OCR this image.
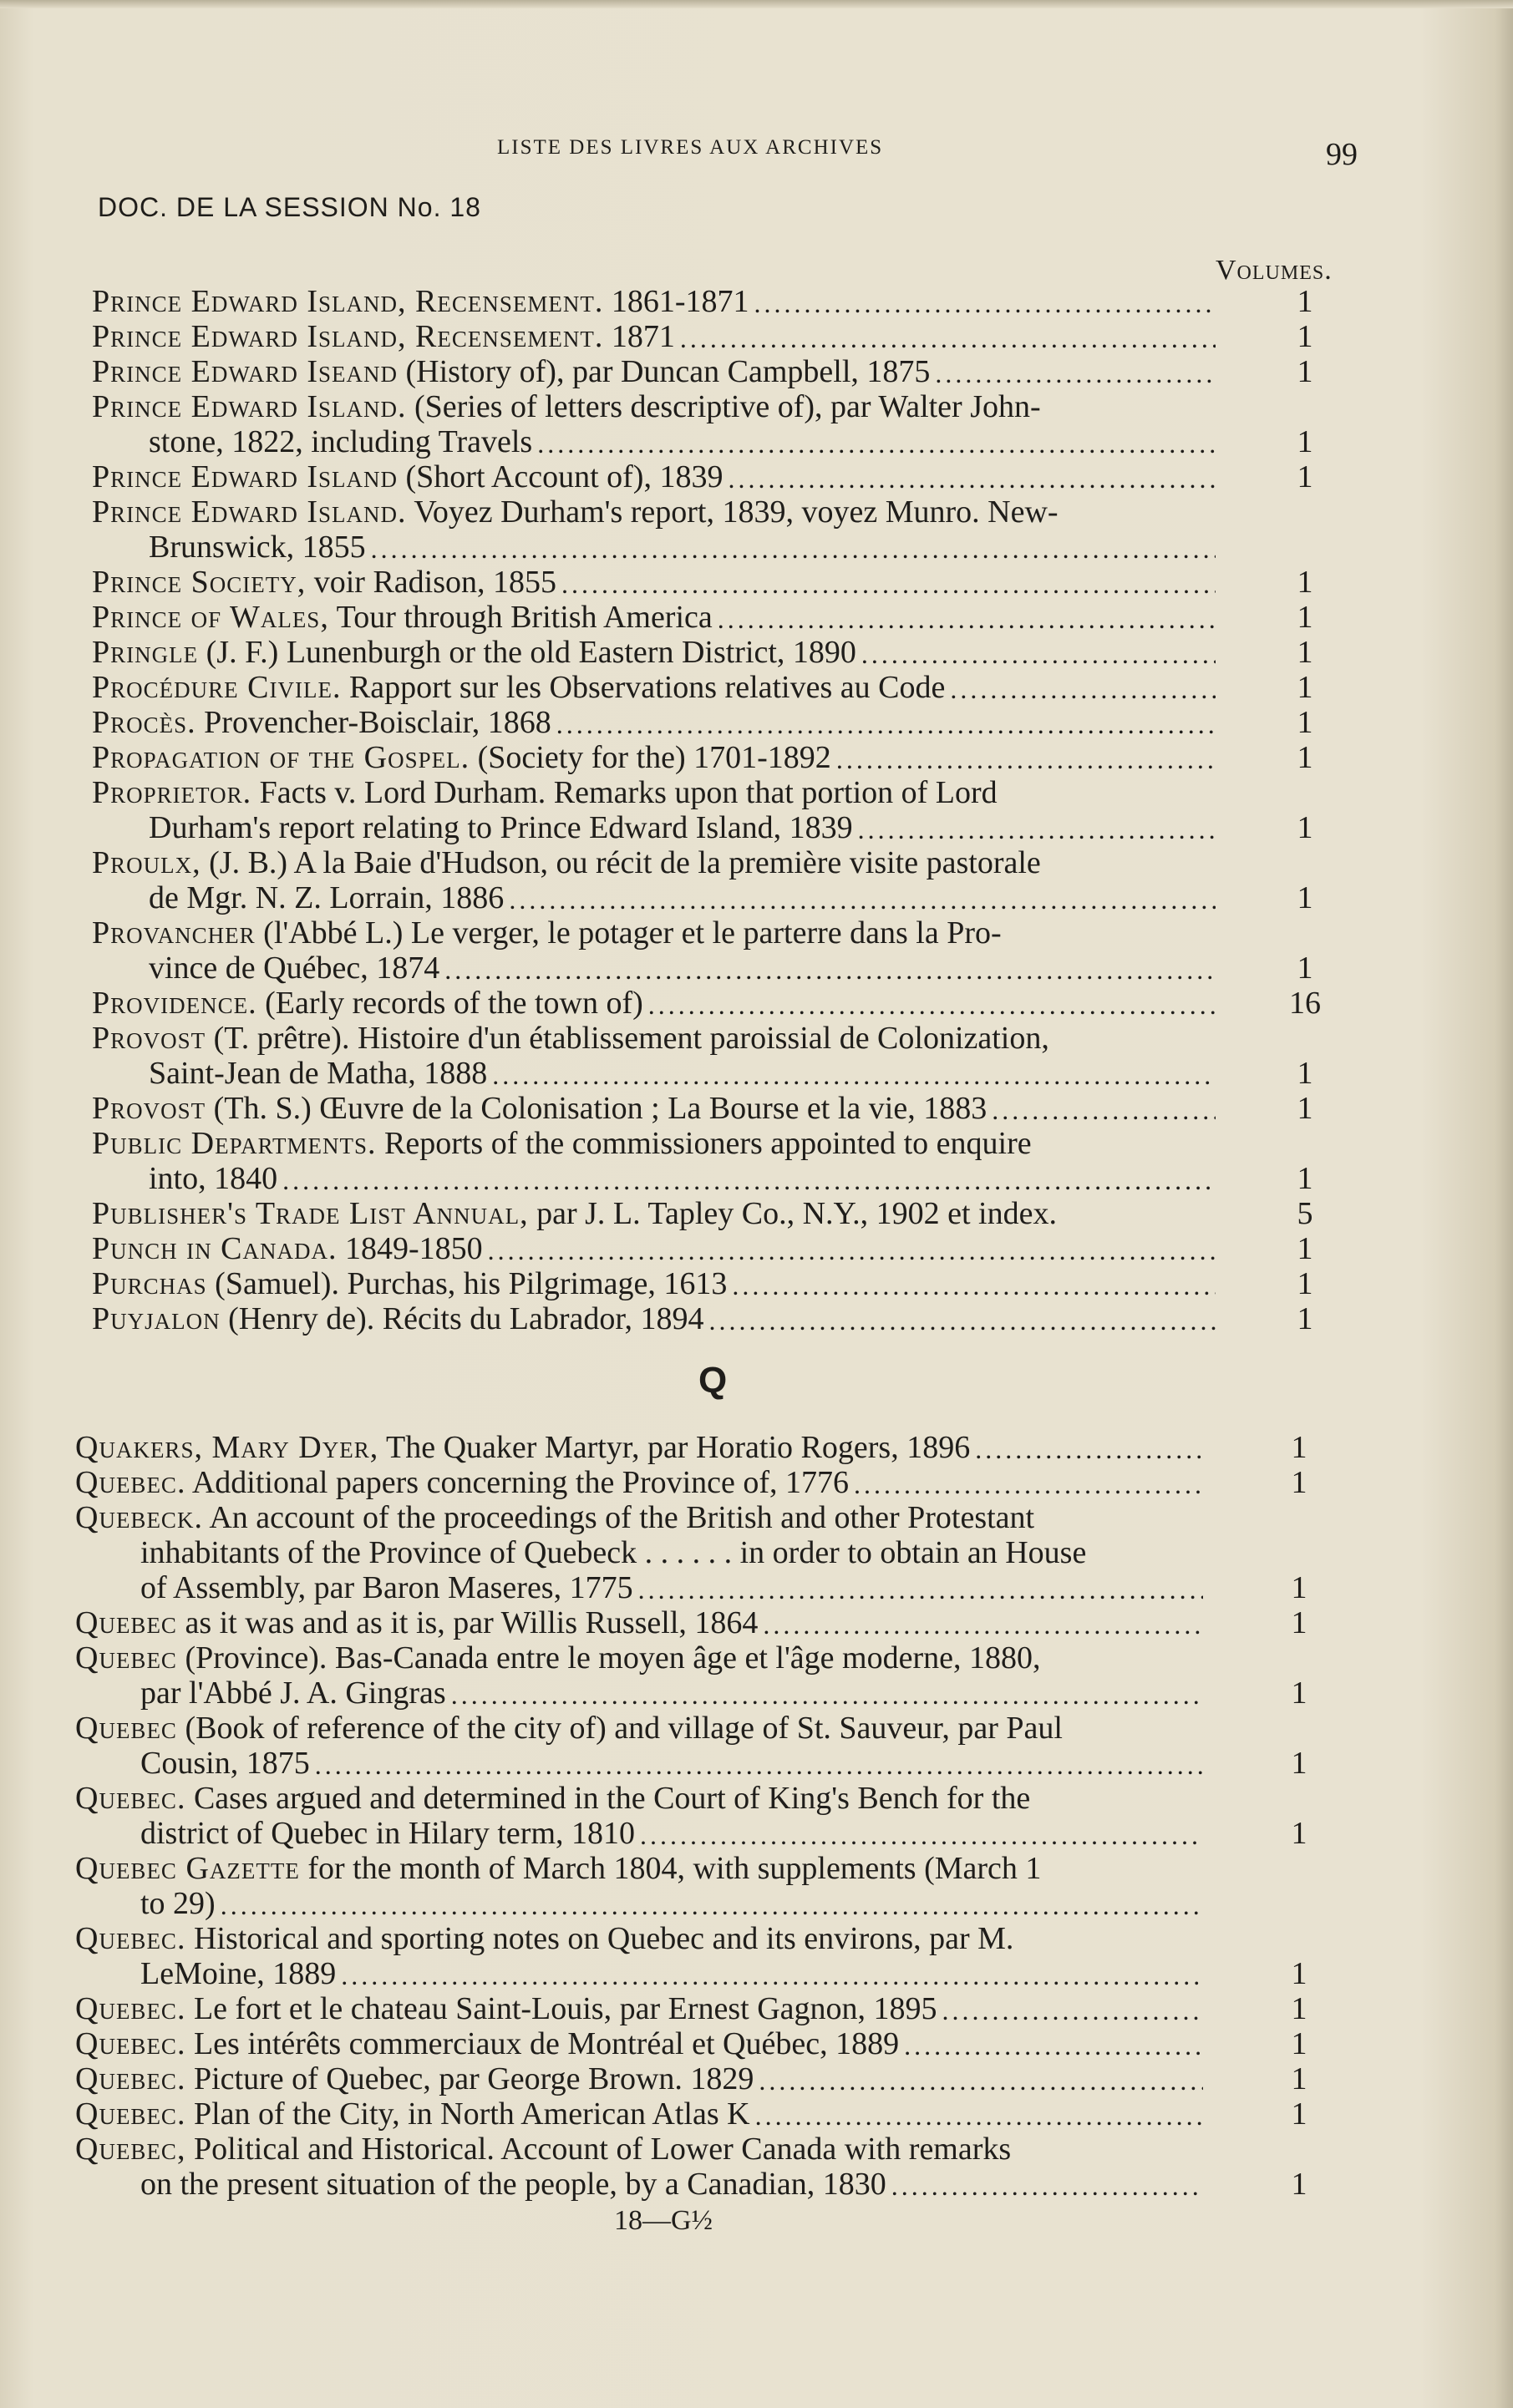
LISTE DES LIVRES AUX ARCHIVES	99
DOC. DE LA SESSION No. 18
Volumes.
Prince Edward Island, Recensement. 1861-1871 .....	1
Prince Edward Island, Recensement. 1871 .....	1
Prince Edward Iseand (History of), par Duncan Campbell, 1875 .....	1
Prince Edward Island. (Series of letters descriptive of), par Walter John-
stone, 1822, including Travels .....	1
Prince Edward Island (Short Account of), 1839 .....	1
Prince Edward Island. Voyez Durham's report, 1839, voyez Munro. New-
Brunswick, 1855
.....
Prince Society, voir Radison, 1855 .....	1
Prince of Wales, Tour through British America .....	1
Pringle (J. F.) Lunenburgh or the old Eastern District, 1890 .....	1
Procédure Civile. Rapport sur les Observations relatives au Code .....	1
Procès. Provencher-Boisclair, 1868 .....	1
Propagation of the Gospel. (Society for the) 1701-1892 .....	1
Proprietor. Facts v. Lord Durham. Remarks upon that portion of Lord
Durham's report relating to Prince Edward Island, 1839 .....	1
Proulx, (J. B.) A la Baie d'Hudson, ou récit de la première visite pastorale
de Mgr. N. Z. Lorrain, 1886 .....	1
Provancher (l'Abbé L.) Le verger, le potager et le parterre dans la Pro-
vince de Québec, 1874 .....	1
Providence. (Early records of the town of) .....	16
Provost (T. prêtre). Histoire d'un établissement paroissial de Colonization,
Saint-Jean de Matha, 1888 .....	1
Provost (Th. S.) Œuvre de la Colonisation ; La Bourse et la vie, 1883 .....	1
Public Departments. Reports of the commissioners appointed to enquire
into, 1840 .....	1
Publisher's Trade List Annual, par J. L. Tapley Co., N.Y., 1902 et index.	5
Punch in Canada. 1849-1850 .....	1
Purchas (Samuel). Purchas, his Pilgrimage, 1613 .....	1
Puyjalon (Henry de). Récits du Labrador, 1894 .....	1
Q
Quakers, Mary Dyer, The Quaker Martyr, par Horatio Rogers, 1896 .....	1
Quebec. Additional papers concerning the Province of, 1776 .....	1
Quebeck. An account of the proceedings of the British and other Protestant
inhabitants of the Province of Quebeck . . . . . . in order to obtain an House
of Assembly, par Baron Maseres, 1775 .....	1
Quebec as it was and as it is, par Willis Russell, 1864 .....	1
Quebec (Province). Bas-Canada entre le moyen âge et l'âge moderne, 1880,
par l'Abbé J. A. Gingras .....	1
Quebec (Book of reference of the city of) and village of St. Sauveur, par Paul
Cousin, 1875 .....	1
Quebec. Cases argued and determined in the Court of King's Bench for the
district of Quebec in Hilary term, 1810 .....	1
Quebec Gazette for the month of March 1804, with supplements (March 1
to 29)
.....
Quebec. Historical and sporting notes on Quebec and its environs, par M.
LeMoine, 1889 .....	1
Quebec. Le fort et le chateau Saint-Louis, par Ernest Gagnon, 1895 .....	1
Quebec. Les intérêts commerciaux de Montréal et Québec, 1889 .....	1
Quebec. Picture of Quebec, par George Brown. 1829 .....	1
Quebec. Plan of the City, in North American Atlas K .....	1
Quebec, Political and Historical. Account of Lower Canada with remarks
on the present situation of the people, by a Canadian, 1830 .....	1
18—G½
